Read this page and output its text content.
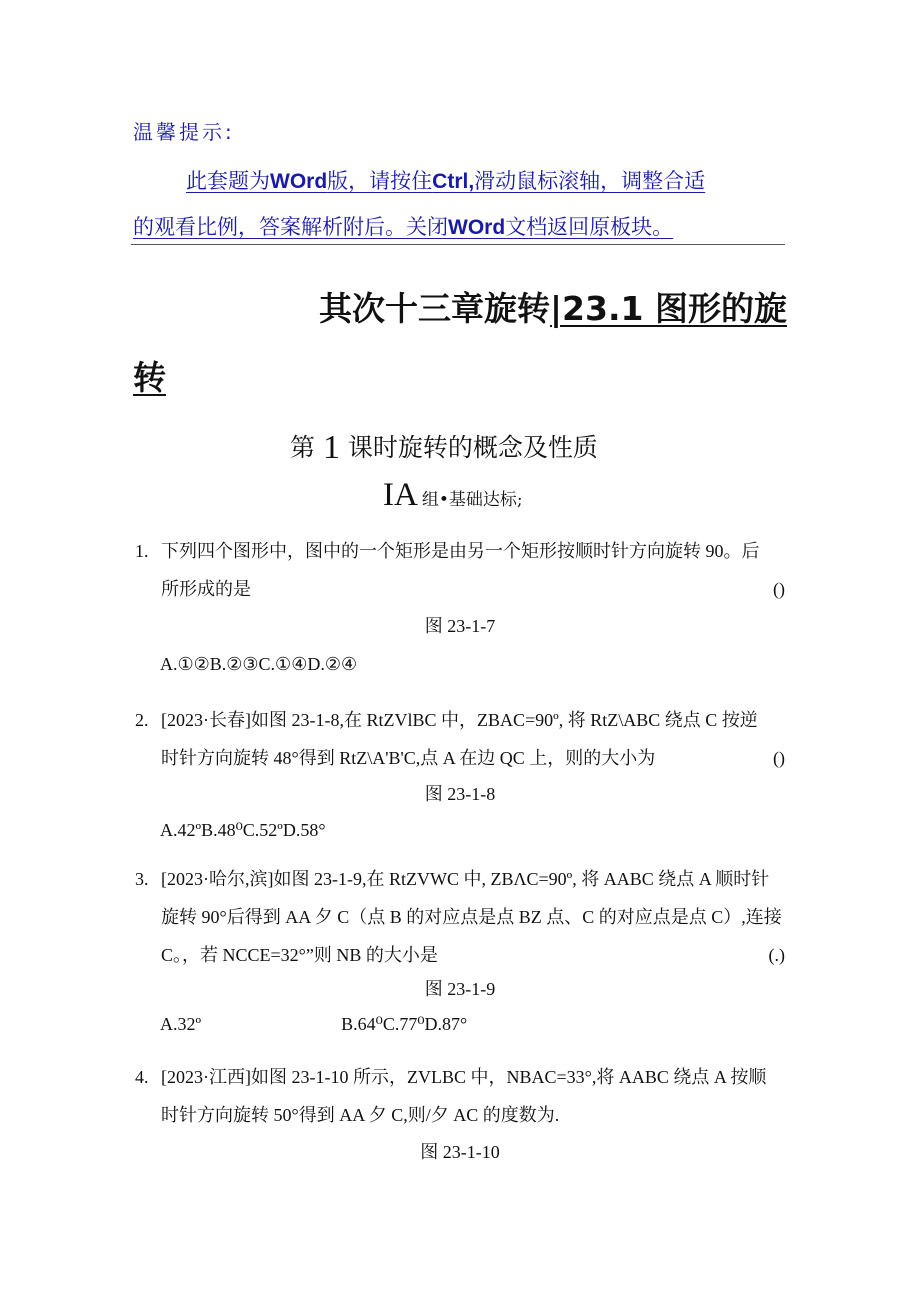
温馨提示:
此套题为WOrd版，请按住Ctrl,滑动鼠标滚轴，调整合适
的观看比例，答案解析附后。关闭WOrd文档返回原板块。
其次十三章旋转|23.1 图形的旋
转
第 1 课时旋转的概念及性质
IA 组•基础达标;
1. 下列四个图形中，图中的一个矩形是由另一个矩形按顺时针方向旋转 90。后
所形成的是	()
图 23-1-7
A.①②B.②③C.①④D.②④
2. [2023·长春]如图 23-1-8,在 RtZVlBC 中，ZBAC=90º, 将 RtZ\ABC 绕点 C 按逆
时针方向旋转 48°得到 RtZ\A'B'C,点 A 在边 QC 上，则的大小为	()
图 23-1-8
A.42ºB.48⁰C.52ºD.58°
3. [2023·哈尔,滨]如图 23-1-9,在 RtZVWC 中, ZBΛC=90º, 将 AABC 绕点 A 顺时针
旋转 90°后得到 AA 夕 C（点 B 的对应点是点 BZ 点、C 的对应点是点 C）,连接
C。，若 NCCE=32°”则 NB 的大小是	(.)
图 23-1-9
A.32º	B.64⁰C.77⁰D.87°
4. [2023·江西]如图 23-1-10 所示，ZVLBC 中，NBAC=33°,将 AABC 绕点 A 按顺
时针方向旋转 50°得到 AA 夕 C,则/夕 AC 的度数为.
图 23-1-10
